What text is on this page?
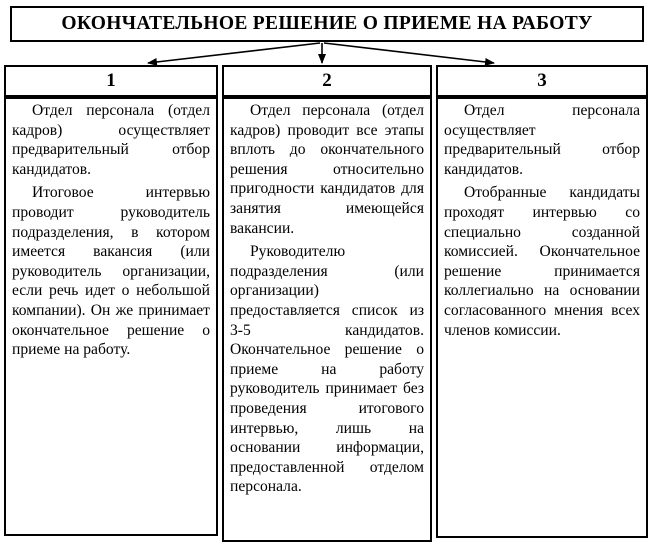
ОКОНЧАТЕЛЬНОЕ РЕШЕНИЕ О ПРИЕМЕ НА РАБОТУ
1	2	3

Отдел персонала (отдел кадров) осуществляет предварительный отбор кандидатов.

Итоговое интервью проводит руководитель подразделения, в котором имеется вакансия (или руководитель организации, если речь идет о небольшой компании). Он же принимает окончательное решение о приеме на работу.

Отдел персонала (отдел кадров) проводит все этапы вплоть до окончательного решения относительно пригодности кандидатов для занятия имеющейся вакансии.

Руководителю подразделения (или организации) предоставляется список из 3-5 кандидатов. Окончательное решение о приеме на работу руководитель принимает без проведения итогового интервью, лишь на основании информации, предоставленной отделом персонала.

Отдел персонала осуществляет предварительный отбор кандидатов.

Отобранные кандидаты проходят интервью со специально созданной комиссией. Окончательное решение принимается коллегиально на основании согласованного мнения всех членов комиссии.
